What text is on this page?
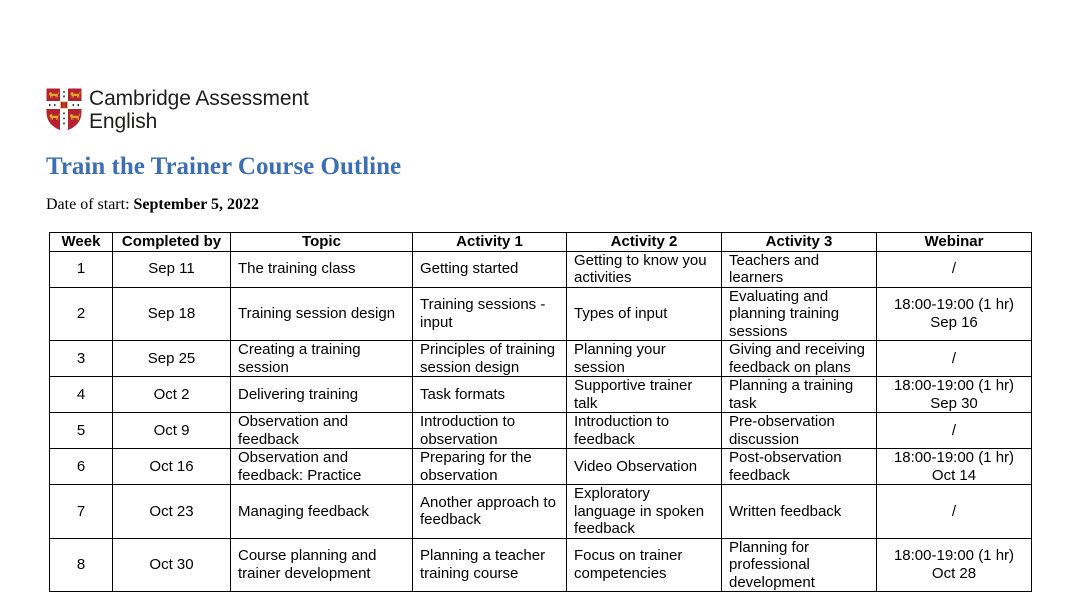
Cambridge Assessment
English
Train the Trainer Course Outline

Date of start: September 5, 2022

Week	Completed by	Topic	Activity 1	Activity 2	Activity 3	Webinar
1	Sep 11	The training class	Getting started	Getting to know you
activities	Teachers and
learners	/
2	Sep 18	Training session design	Training sessions -
input	Types of input	Evaluating and
planning training
sessions	18:00-19:00 (1 hr)
Sep 16
3	Sep 25	Creating a training
session	Principles of training
session design	Planning your
session	Giving and receiving
feedback on plans	/
4	Oct 2	Delivering training	Task formats	Supportive trainer
talk	Planning a training
task	18:00-19:00 (1 hr)
Sep 30
5	Oct 9	Observation and
feedback	Introduction to
observation	Introduction to
feedback	Pre-observation
discussion	/
6	Oct 16	Observation and
feedback: Practice	Preparing for the
observation	Video Observation	Post-observation
feedback	18:00-19:00 (1 hr)
Oct 14
7	Oct 23	Managing feedback	Another approach to
feedback	Exploratory
language in spoken
feedback	Written feedback	/
8	Oct 30	Course planning and
trainer development	Planning a teacher
training course	Focus on trainer
competencies	Planning for
professional
development	18:00-19:00 (1 hr)
Oct 28
